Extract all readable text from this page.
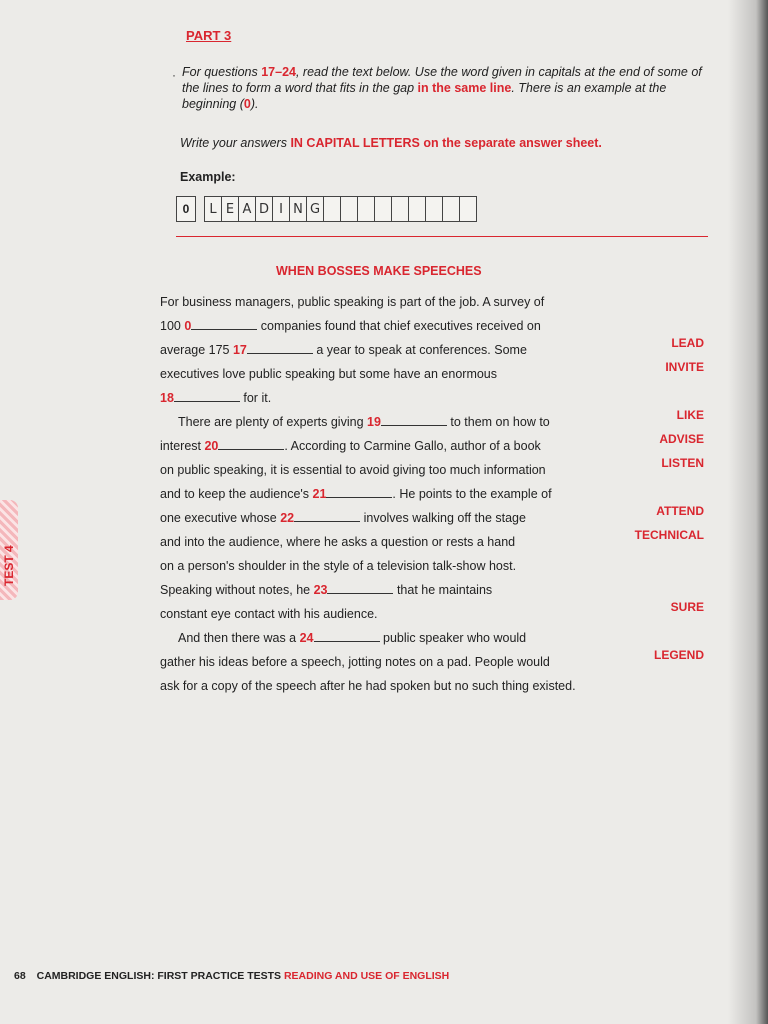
PART 3
· For questions 17–24, read the text below. Use the word given in capitals at the end of some of the lines to form a word that fits in the gap in the same line. There is an example at the beginning (0).
Write your answers IN CAPITAL LETTERS on the separate answer sheet.
Example:
0	L E A D I N G
WHEN BOSSES MAKE SPEECHES
For business managers, public speaking is part of the job. A survey of
100 0	companies found that chief executives received on
average 175 17	a year to speak at conferences. Some
executives love public speaking but some have an enormous
18	for it.
There are plenty of experts giving 19	to them on how to
interest 20	. According to Carmine Gallo, author of a book
on public speaking, it is essential to avoid giving too much information
and to keep the audience's 21	. He points to the example of
one executive whose 22	involves walking off the stage
and into the audience, where he asks a question or rests a hand
on a person's shoulder in the style of a television talk-show host.
Speaking without notes, he 23	that he maintains
constant eye contact with his audience.
And then there was a 24	public speaker who would
gather his ideas before a speech, jotting notes on a pad. People would
ask for a copy of the speech after he had spoken but no such thing existed.
LEAD
INVITE
LIKE
ADVISE
LISTEN
ATTEND
TECHNICAL
SURE
LEGEND
TEST 4
68 CAMBRIDGE ENGLISH: FIRST PRACTICE TESTS READING AND USE OF ENGLISH
